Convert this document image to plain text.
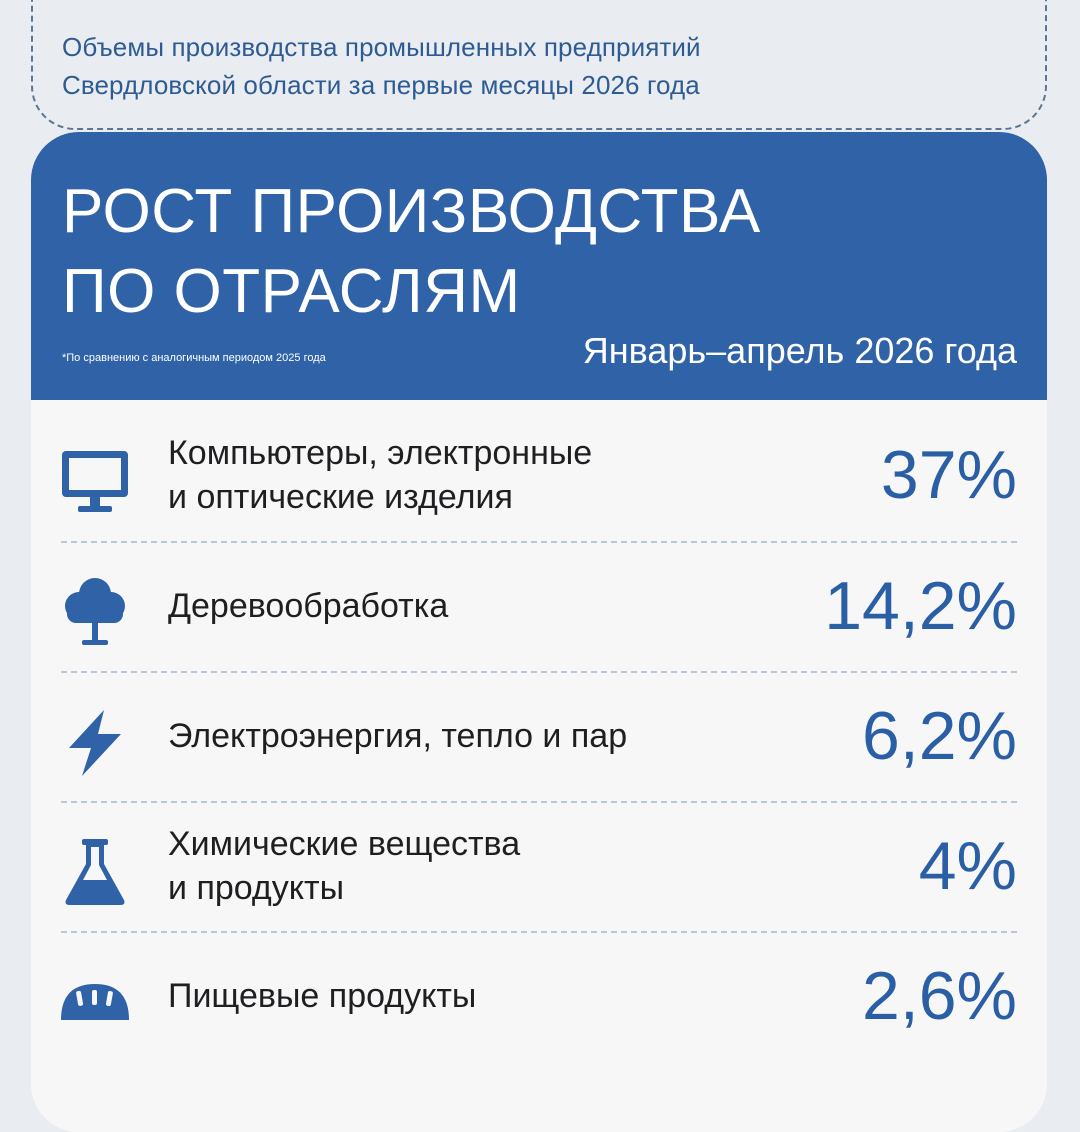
Объемы производства промышленных предприятий
Свердловской области за первые месяцы 2026 года
РОСТ ПРОИЗВОДСТВА
ПО ОТРАСЛЯМ
*По сравнению с аналогичным периодом 2025 года	Январь–апрель 2026 года
Компьютеры, электронные
и оптические изделия	37%
Деревообработка	14,2%
Электроэнергия, тепло и пар	6,2%
Химические вещества
и продукты	4%
Пищевые продукты	2,6%
